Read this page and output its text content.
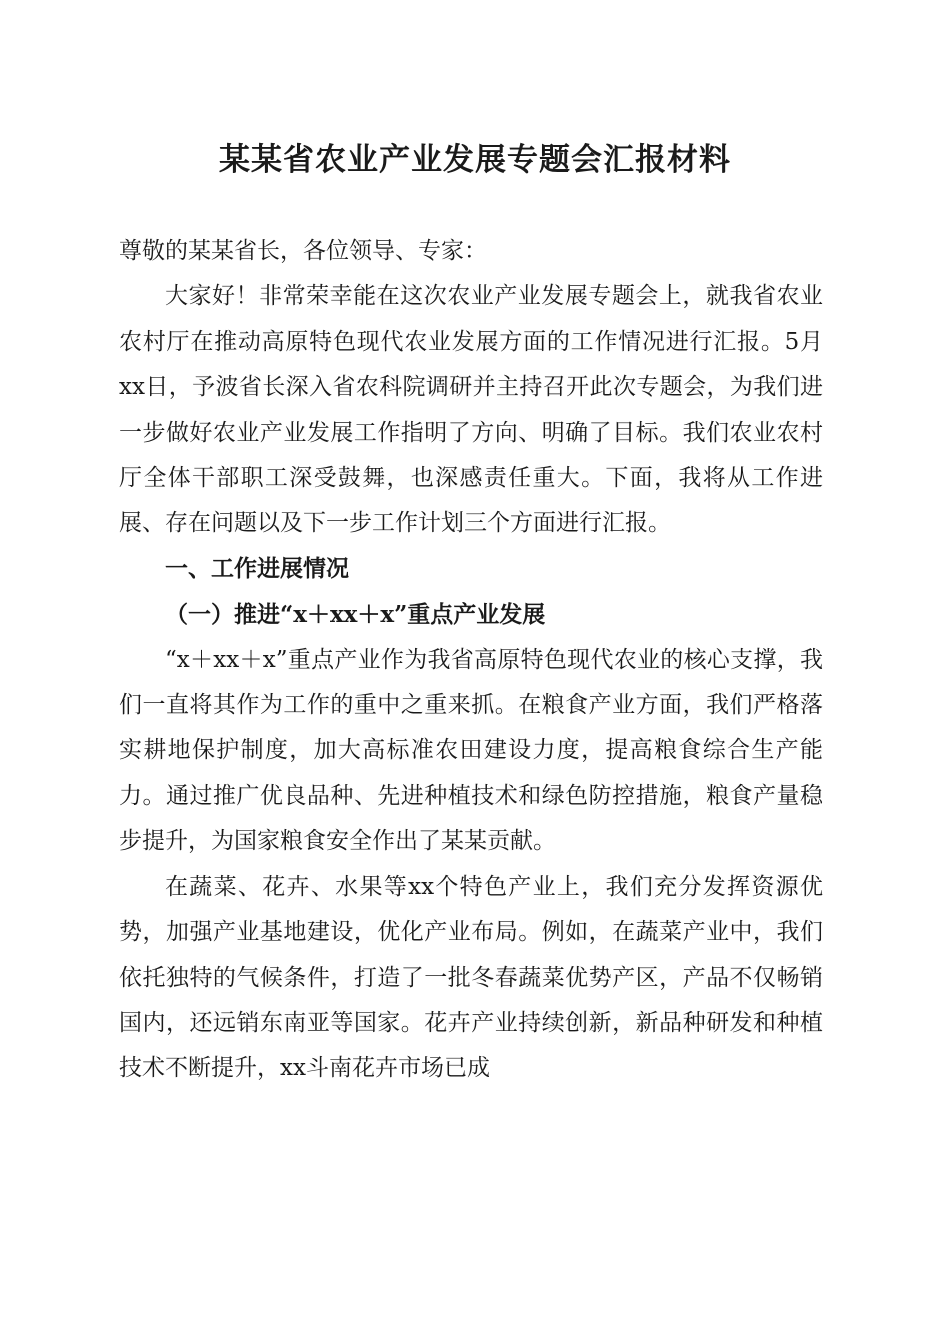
某某省农业产业发展专题会汇报材料

尊敬的某某省长，各位领导、专家：

大家好！非常荣幸能在这次农业产业发展专题会上，就我省农业农村厅在推动高原特色现代农业发展方面的工作情况进行汇报。5月xx日，予波省长深入省农科院调研并主持召开此次专题会，为我们进一步做好农业产业发展工作指明了方向、明确了目标。我们农业农村厅全体干部职工深受鼓舞，也深感责任重大。下面，我将从工作进展、存在问题以及下一步工作计划三个方面进行汇报。

一、工作进展情况

（一）推进“x＋xx＋x”重点产业发展

“x＋xx＋x”重点产业作为我省高原特色现代农业的核心支撑，我们一直将其作为工作的重中之重来抓。在粮食产业方面，我们严格落实耕地保护制度，加大高标准农田建设力度，提高粮食综合生产能力。通过推广优良品种、先进种植技术和绿色防控措施，粮食产量稳步提升，为国家粮食安全作出了某某贡献。

在蔬菜、花卉、水果等xx个特色产业上，我们充分发挥资源优势，加强产业基地建设，优化产业布局。例如，在蔬菜产业中，我们依托独特的气候条件，打造了一批冬春蔬菜优势产区，产品不仅畅销国内，还远销东南亚等国家。花卉产业持续创新，新品种研发和种植技术不断提升，xx斗南花卉市场已成
